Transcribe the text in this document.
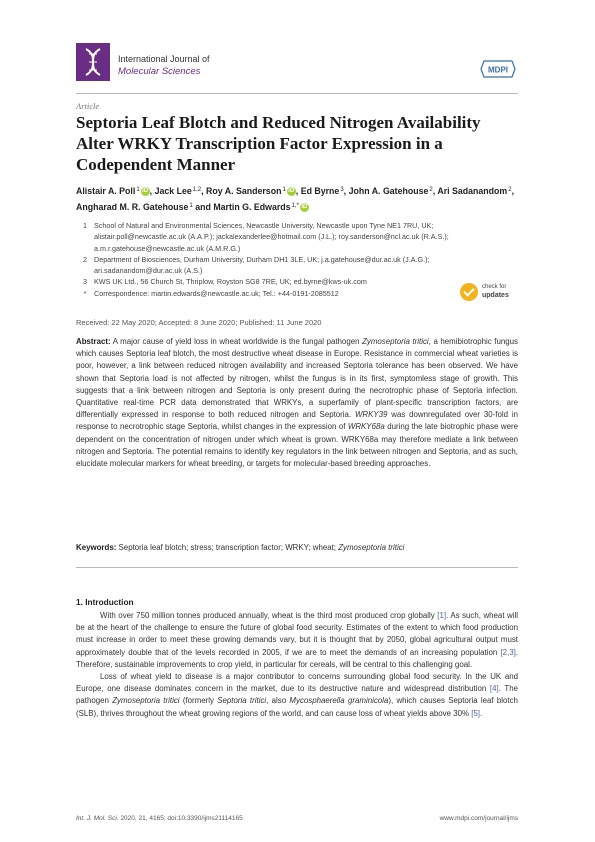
International Journal of
Molecular Sciences	MDPI
Article
Septoria Leaf Blotch and Reduced Nitrogen Availability Alter WRKY Transcription Factor Expression in a Codependent Manner
Alistair A. Poll$^1$ iD , Jack Lee$^{1,2}$, Roy A. Sanderson$^1$ iD , Ed Byrne$^3$, John A. Gatehouse$^2$, Ari Sadanandom$^2$, Angharad M. R. Gatehouse$^1$ and Martin G. Edwards$^{1,*}$ iD
1 School of Natural and Environmental Sciences, Newcastle University, Newcastle upon Tyne NE1 7RU, UK; alistair.poll@newcastle.ac.uk (A.A.P.); jackalexanderlee@hotmail.com (J.L.); roy.sanderson@ncl.ac.uk (R.A.S.); a.m.r.gatehouse@newcastle.ac.uk (A.M.R.G.)
2 Department of Biosciences, Durham University, Durham DH1 3LE, UK; j.a.gatehouse@dur.ac.uk (J.A.G.); ari.sadanandom@dur.ac.uk (A.S.)
3 KWS UK Ltd., 56 Church St, Thriplow, Royston SG8 7RE, UK; ed.byrne@kws-uk.com
*	Correspondence: martin.edwards@newcastle.ac.uk; Tel.: +44-0191-2085512
check for
updates
Received: 22 May 2020; Accepted: 8 June 2020; Published: 11 June 2020
Abstract: A major cause of yield loss in wheat worldwide is the fungal pathogen Zymoseptoria tritici, a hemibiotrophic fungus which causes Septoria leaf blotch, the most destructive wheat disease in Europe. Resistance in commercial wheat varieties is poor, however, a link between reduced nitrogen availability and increased Septoria tolerance has been observed. We have shown that Septoria load is not affected by nitrogen, whilst the fungus is in its first, symptomless stage of growth. This suggests that a link between nitrogen and Septoria is only present during the necrotrophic phase of Septoria infection. Quantitative real-time PCR data demonstrated that WRKYs, a superfamily of plant-specific transcription factors, are differentially expressed in response to both reduced nitrogen and Septoria. WRKY39 was downregulated over 30-fold in response to necrotrophic stage Septoria, whilst changes in the expression of WRKY68a during the late biotrophic phase were dependent on the concentration of nitrogen under which wheat is grown. WRKY68a may therefore mediate a link between nitrogen and Septoria. The potential remains to identify key regulators in the link between nitrogen and Septoria, and as such, elucidate molecular markers for wheat breeding, or targets for molecular-based breeding approaches.
Keywords: Septoria leaf blotch; stress; transcription factor; WRKY; wheat; Zymoseptoria tritici
1. Introduction

With over 750 million tonnes produced annually, wheat is the third most produced crop globally [1]. As such, wheat will be at the heart of the challenge to ensure the future of global food security. Estimates of the extent to which food production must increase in order to meet these growing demands vary, but it is thought that by 2050, global agricultural output must approximately double that of the levels recorded in 2005, if we are to meet the demands of an increasing population [2,3]. Therefore, sustainable improvements to crop yield, in particular for cereals, will be central to this challenging goal.

Loss of wheat yield to disease is a major contributor to concerns surrounding global food security. In the UK and Europe, one disease dominates concern in the market, due to its destructive nature and widespread distribution [4]. The pathogen Zymoseptoria tritici (formerly Septoria tritici, also Mycosphaerella graminicola), which causes Septoria leaf blotch (SLB), thrives throughout the wheat growing regions of the world, and can cause loss of wheat yields above 30% [5].

Int. J. Mol. Sci. 2020, 21, 4165; doi:10.3390/ijms21114165	www.mdpi.com/journal/ijms
